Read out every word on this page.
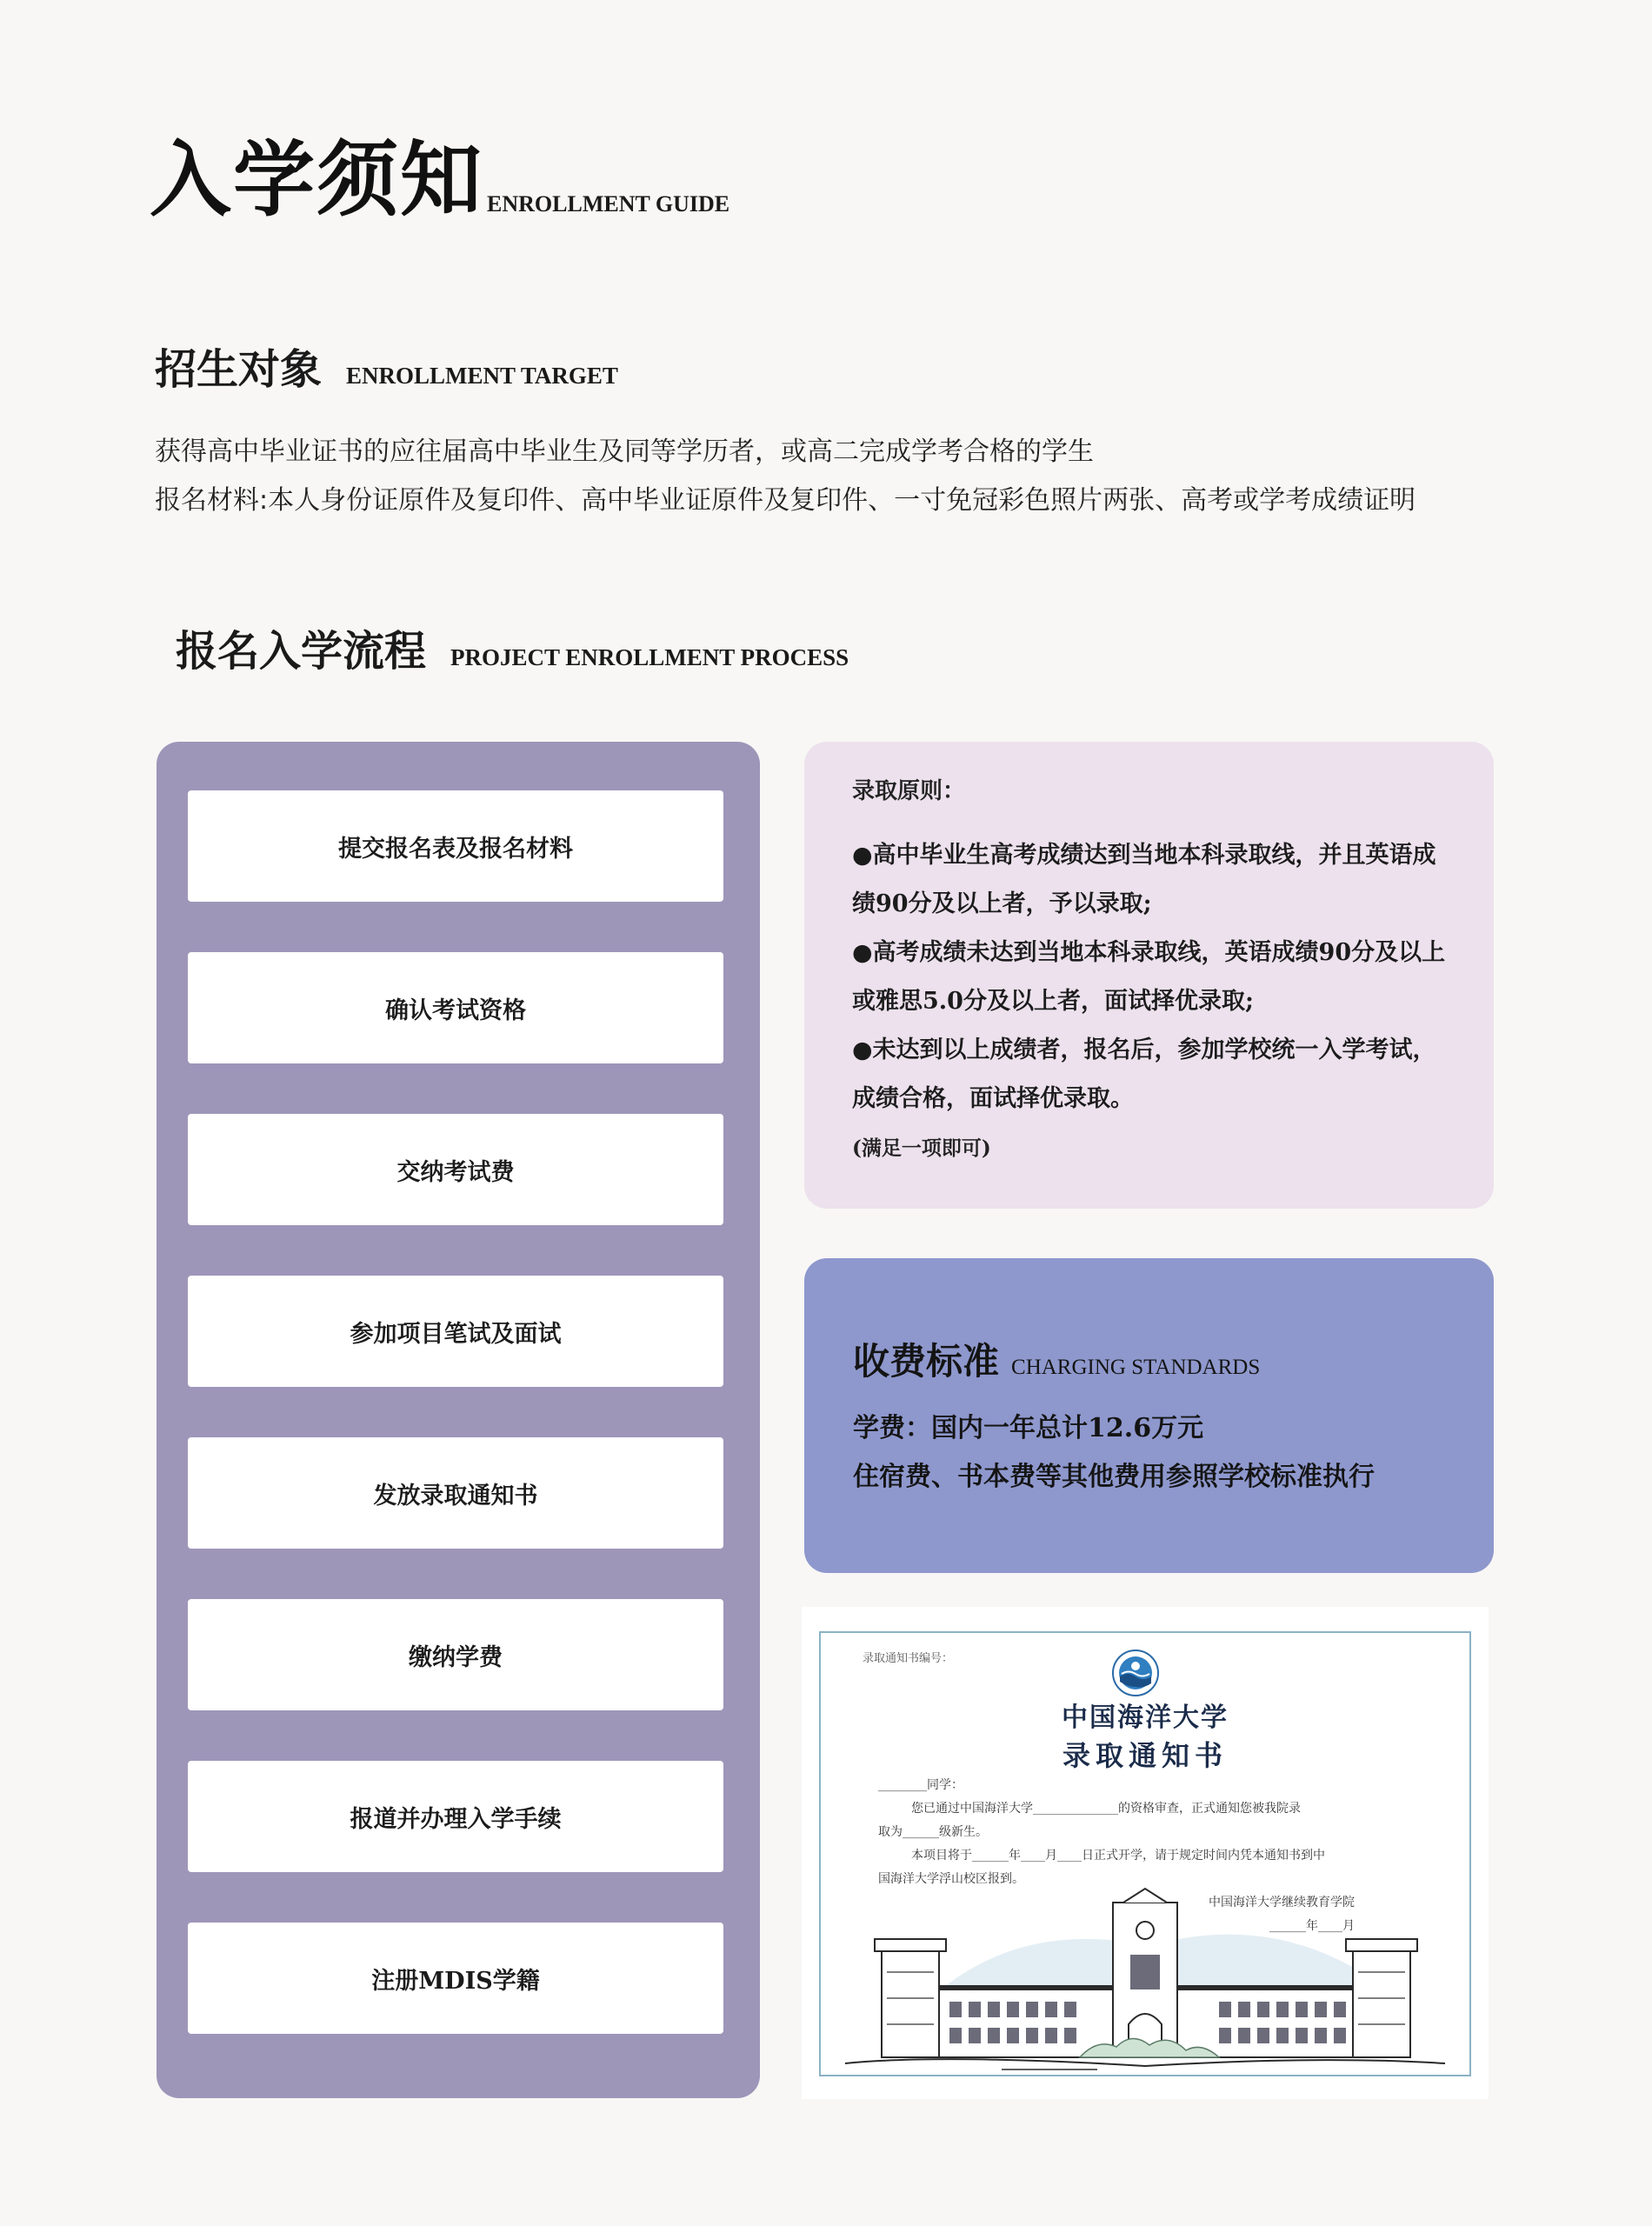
入学须知 ENROLLMENT GUIDE
招生对象 ENROLLMENT TARGET
获得高中毕业证书的应往届高中毕业生及同等学历者，或高二完成学考合格的学生
报名材料:本人身份证原件及复印件、高中毕业证原件及复印件、一寸免冠彩色照片两张、高考或学考成绩证明
报名入学流程 PROJECT ENROLLMENT PROCESS
提交报名表及报名材料
确认考试资格
交纳考试费
参加项目笔试及面试
发放录取通知书
缴纳学费
报道并办理入学手续
注册MDIS学籍
录取原则：
●高中毕业生高考成绩达到当地本科录取线，并且英语成
绩90分及以上者，予以录取;
●高考成绩未达到当地本科录取线，英语成绩90分及以上
或雅思5.0分及以上者，面试择优录取;
●未达到以上成绩者，报名后，参加学校统一入学考试，
成绩合格，面试择优录取。
(满足一项即可)
收费标准 CHARGING STANDARDS
学费：国内一年总计12.6万元
住宿费、书本费等其他费用参照学校标准执行
录取通知书编号：
中国海洋大学
录取通知书
________同学：
您已通过中国海洋大学______________的资格审查，正式通知您被我院录
取为______级新生。
本项目将于______年____月____日正式开学，请于规定时间内凭本通知书到中
国海洋大学浮山校区报到。
中国海洋大学继续教育学院
______年____月
